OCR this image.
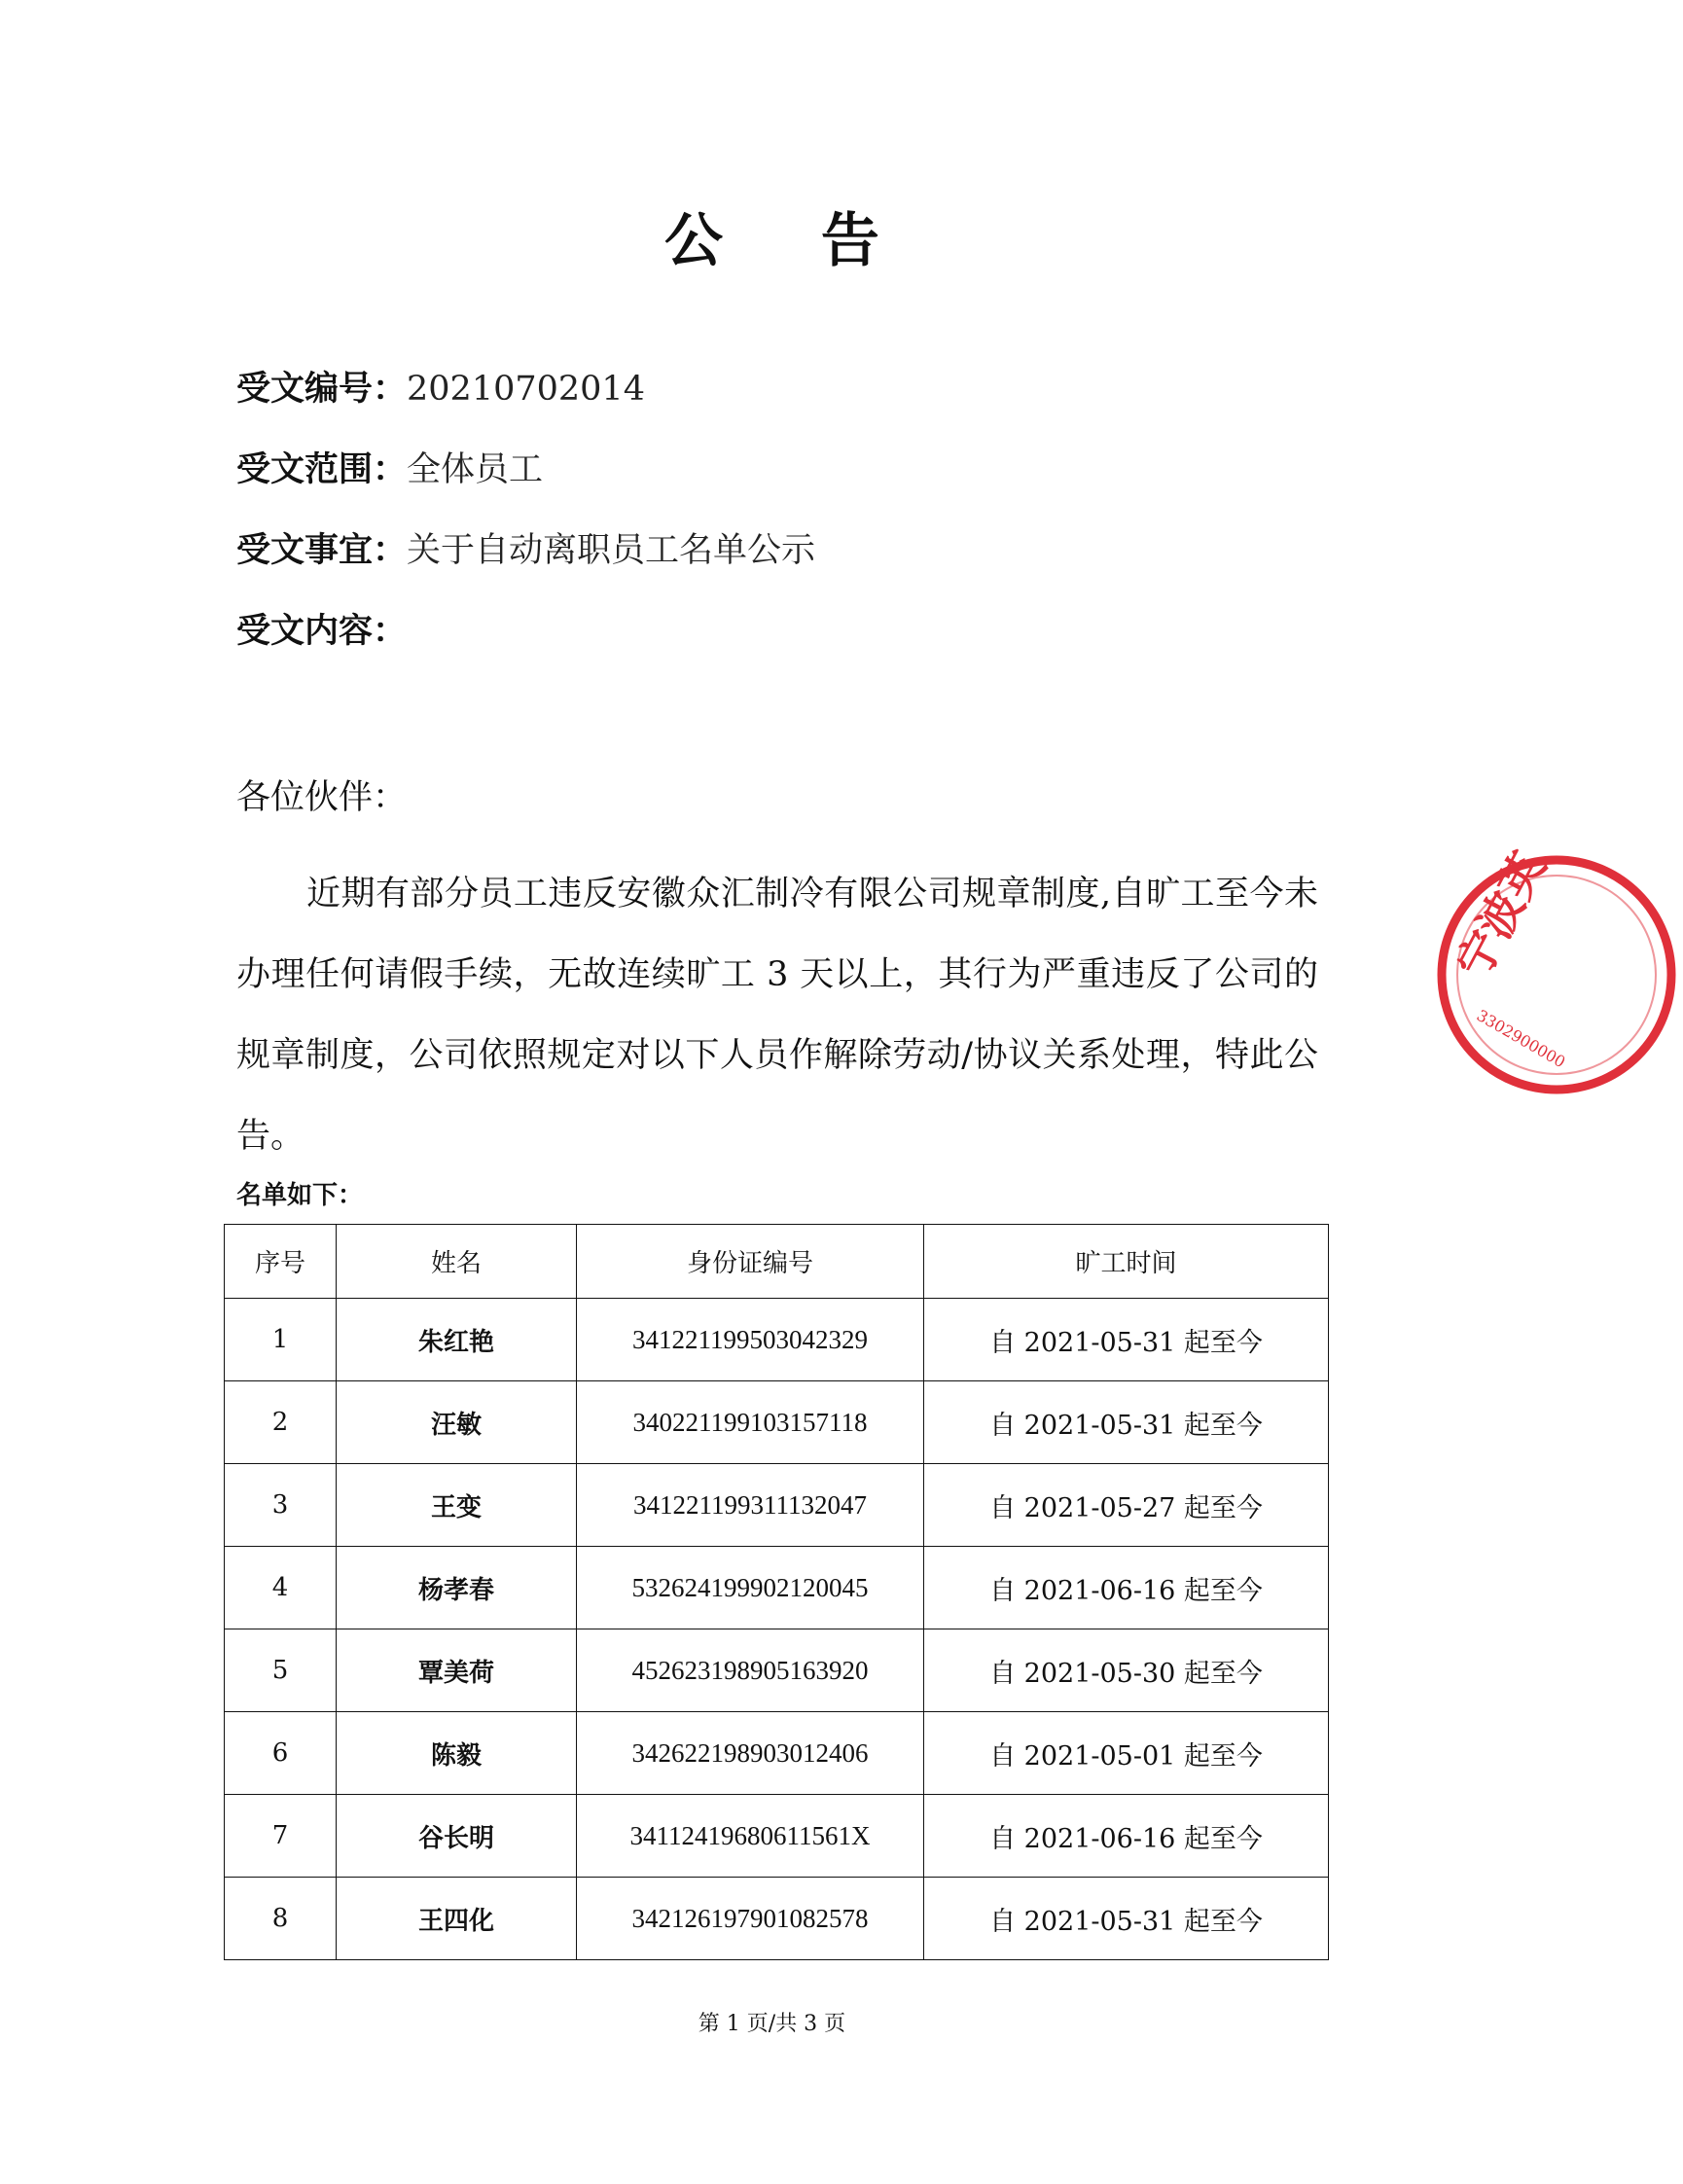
公 告
受文编号：20210702014
受文范围：全体员工
受文事宜：关于自动离职员工名单公示
受文内容：
各位伙伴：
近期有部分员工违反安徽众汇制冷有限公司规章制度,自旷工至今未办理任何请假手续，无故连续旷工 3 天以上，其行为严重违反了公司的规章制度，公司依照规定对以下人员作解除劳动/协议关系处理，特此公告。
名单如下：
序号	姓名	身份证编号	旷工时间
1	朱红艳	341221199503042329	自 2021-05-31 起至今
2	汪敏	340221199103157118	自 2021-05-31 起至今
3	王变	341221199311132047	自 2021-05-27 起至今
4	杨孝春	532624199902120045	自 2021-06-16 起至今
5	覃美荷	452623198905163920	自 2021-05-30 起至今
6	陈毅	342622198903012406	自 2021-05-01 起至今
7	谷长明	34112419680611561X	自 2021-06-16 起至今
8	王四化	342126197901082578	自 2021-05-31 起至今
第 1 页/共 3 页
宁波英
3302900000
